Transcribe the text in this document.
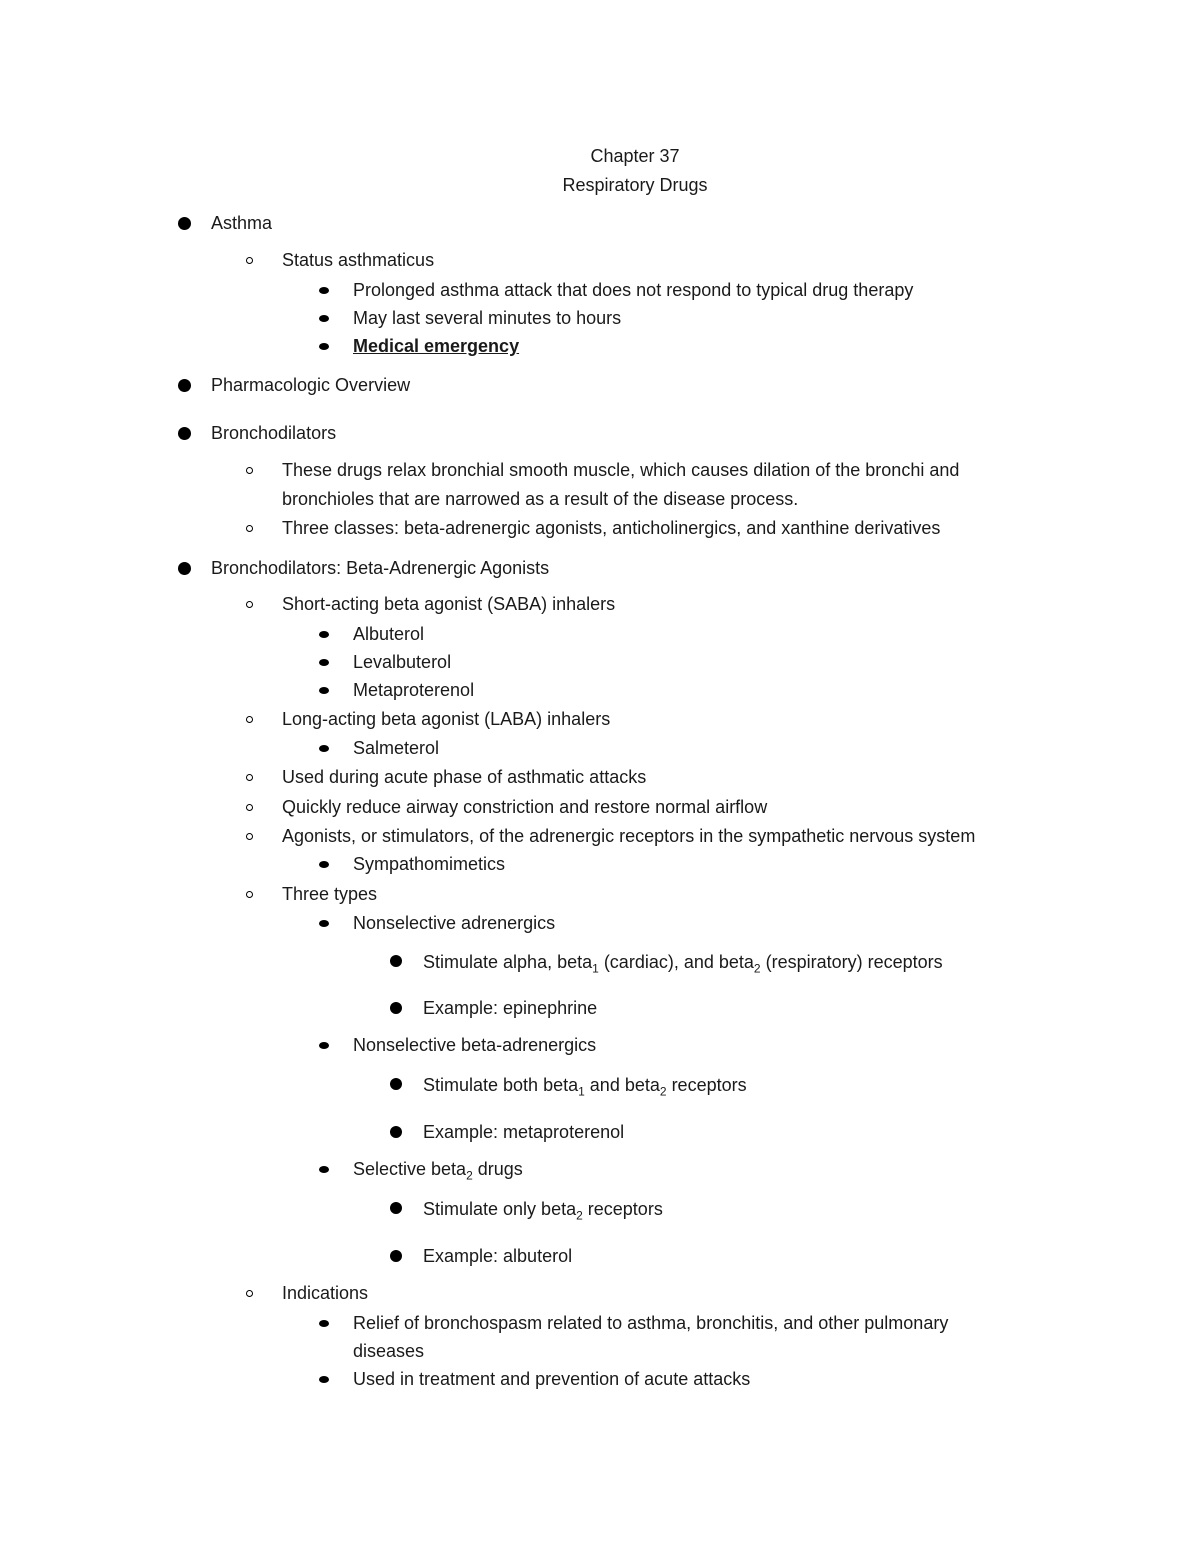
Chapter 37
Respiratory Drugs
Asthma
Status asthmaticus
Prolonged asthma attack that does not respond to typical drug therapy
May last several minutes to hours
Medical emergency
Pharmacologic Overview
Bronchodilators
These drugs relax bronchial smooth muscle, which causes dilation of the bronchi and
bronchioles that are narrowed as a result of the disease process.
Three classes: beta-adrenergic agonists, anticholinergics, and xanthine derivatives
Bronchodilators: Beta-Adrenergic Agonists
Short-acting beta agonist (SABA) inhalers
Albuterol
Levalbuterol
Metaproterenol
Long-acting beta agonist (LABA) inhalers
Salmeterol
Used during acute phase of asthmatic attacks
Quickly reduce airway constriction and restore normal airflow
Agonists, or stimulators, of the adrenergic receptors in the sympathetic nervous system
Sympathomimetics
Three types
Nonselective adrenergics
Stimulate alpha, beta$_1$ (cardiac), and beta$_2$ (respiratory) receptors
Example: epinephrine
Nonselective beta-adrenergics
Stimulate both beta$_1$ and beta$_2$ receptors
Example: metaproterenol
Selective beta$_2$ drugs
Stimulate only beta$_2$ receptors
Example: albuterol
Indications
Relief of bronchospasm related to asthma, bronchitis, and other pulmonary
diseases
Used in treatment and prevention of acute attacks
